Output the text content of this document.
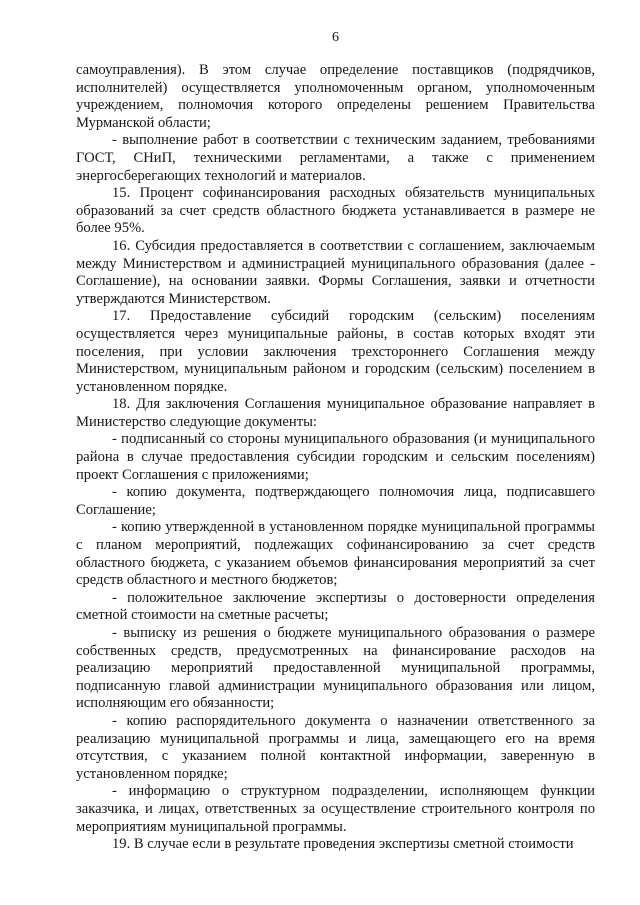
6

самоуправления). В этом случае определение поставщиков (подрядчиков, исполнителей) осуществляется уполномоченным органом, уполномоченным учреждением, полномочия которого определены решением Правительства Мурманской области;

- выполнение работ в соответствии с техническим заданием, требованиями ГОСТ, СНиП, техническими регламентами, а также с применением энергосберегающих технологий и материалов.

15. Процент софинансирования расходных обязательств муниципальных образований за счет средств областного бюджета устанавливается в размере не более 95%.

16. Субсидия предоставляется в соответствии с соглашением, заключаемым между Министерством и администрацией муниципального образования (далее - Соглашение), на основании заявки. Формы Соглашения, заявки и отчетности утверждаются Министерством.

17. Предоставление субсидий городским (сельским) поселениям осуществляется через муниципальные районы, в состав которых входят эти поселения, при условии заключения трехстороннего Соглашения между Министерством, муниципальным районом и городским (сельским) поселением в установленном порядке.

18. Для заключения Соглашения муниципальное образование направляет в Министерство следующие документы:

- подписанный со стороны муниципального образования (и муниципального района в случае предоставления субсидии городским и сельским поселениям) проект Соглашения с приложениями;

- копию документа, подтверждающего полномочия лица, подписавшего Соглашение;

- копию утвержденной в установленном порядке муниципальной программы с планом мероприятий, подлежащих софинансированию за счет средств областного бюджета, с указанием объемов финансирования мероприятий за счет средств областного и местного бюджетов;

- положительное заключение экспертизы о достоверности определения сметной стоимости на сметные расчеты;

- выписку из решения о бюджете муниципального образования о размере собственных средств, предусмотренных на финансирование расходов на реализацию мероприятий предоставленной муниципальной программы, подписанную главой администрации муниципального образования или лицом, исполняющим его обязанности;

- копию распорядительного документа о назначении ответственного за реализацию муниципальной программы и лица, замещающего его на время отсутствия, с указанием полной контактной информации, заверенную в установленном порядке;

- информацию о структурном подразделении, исполняющем функции заказчика, и лицах, ответственных за осуществление строительного контроля по мероприятиям муниципальной программы.

19. В случае если в результате проведения экспертизы сметной стоимости
